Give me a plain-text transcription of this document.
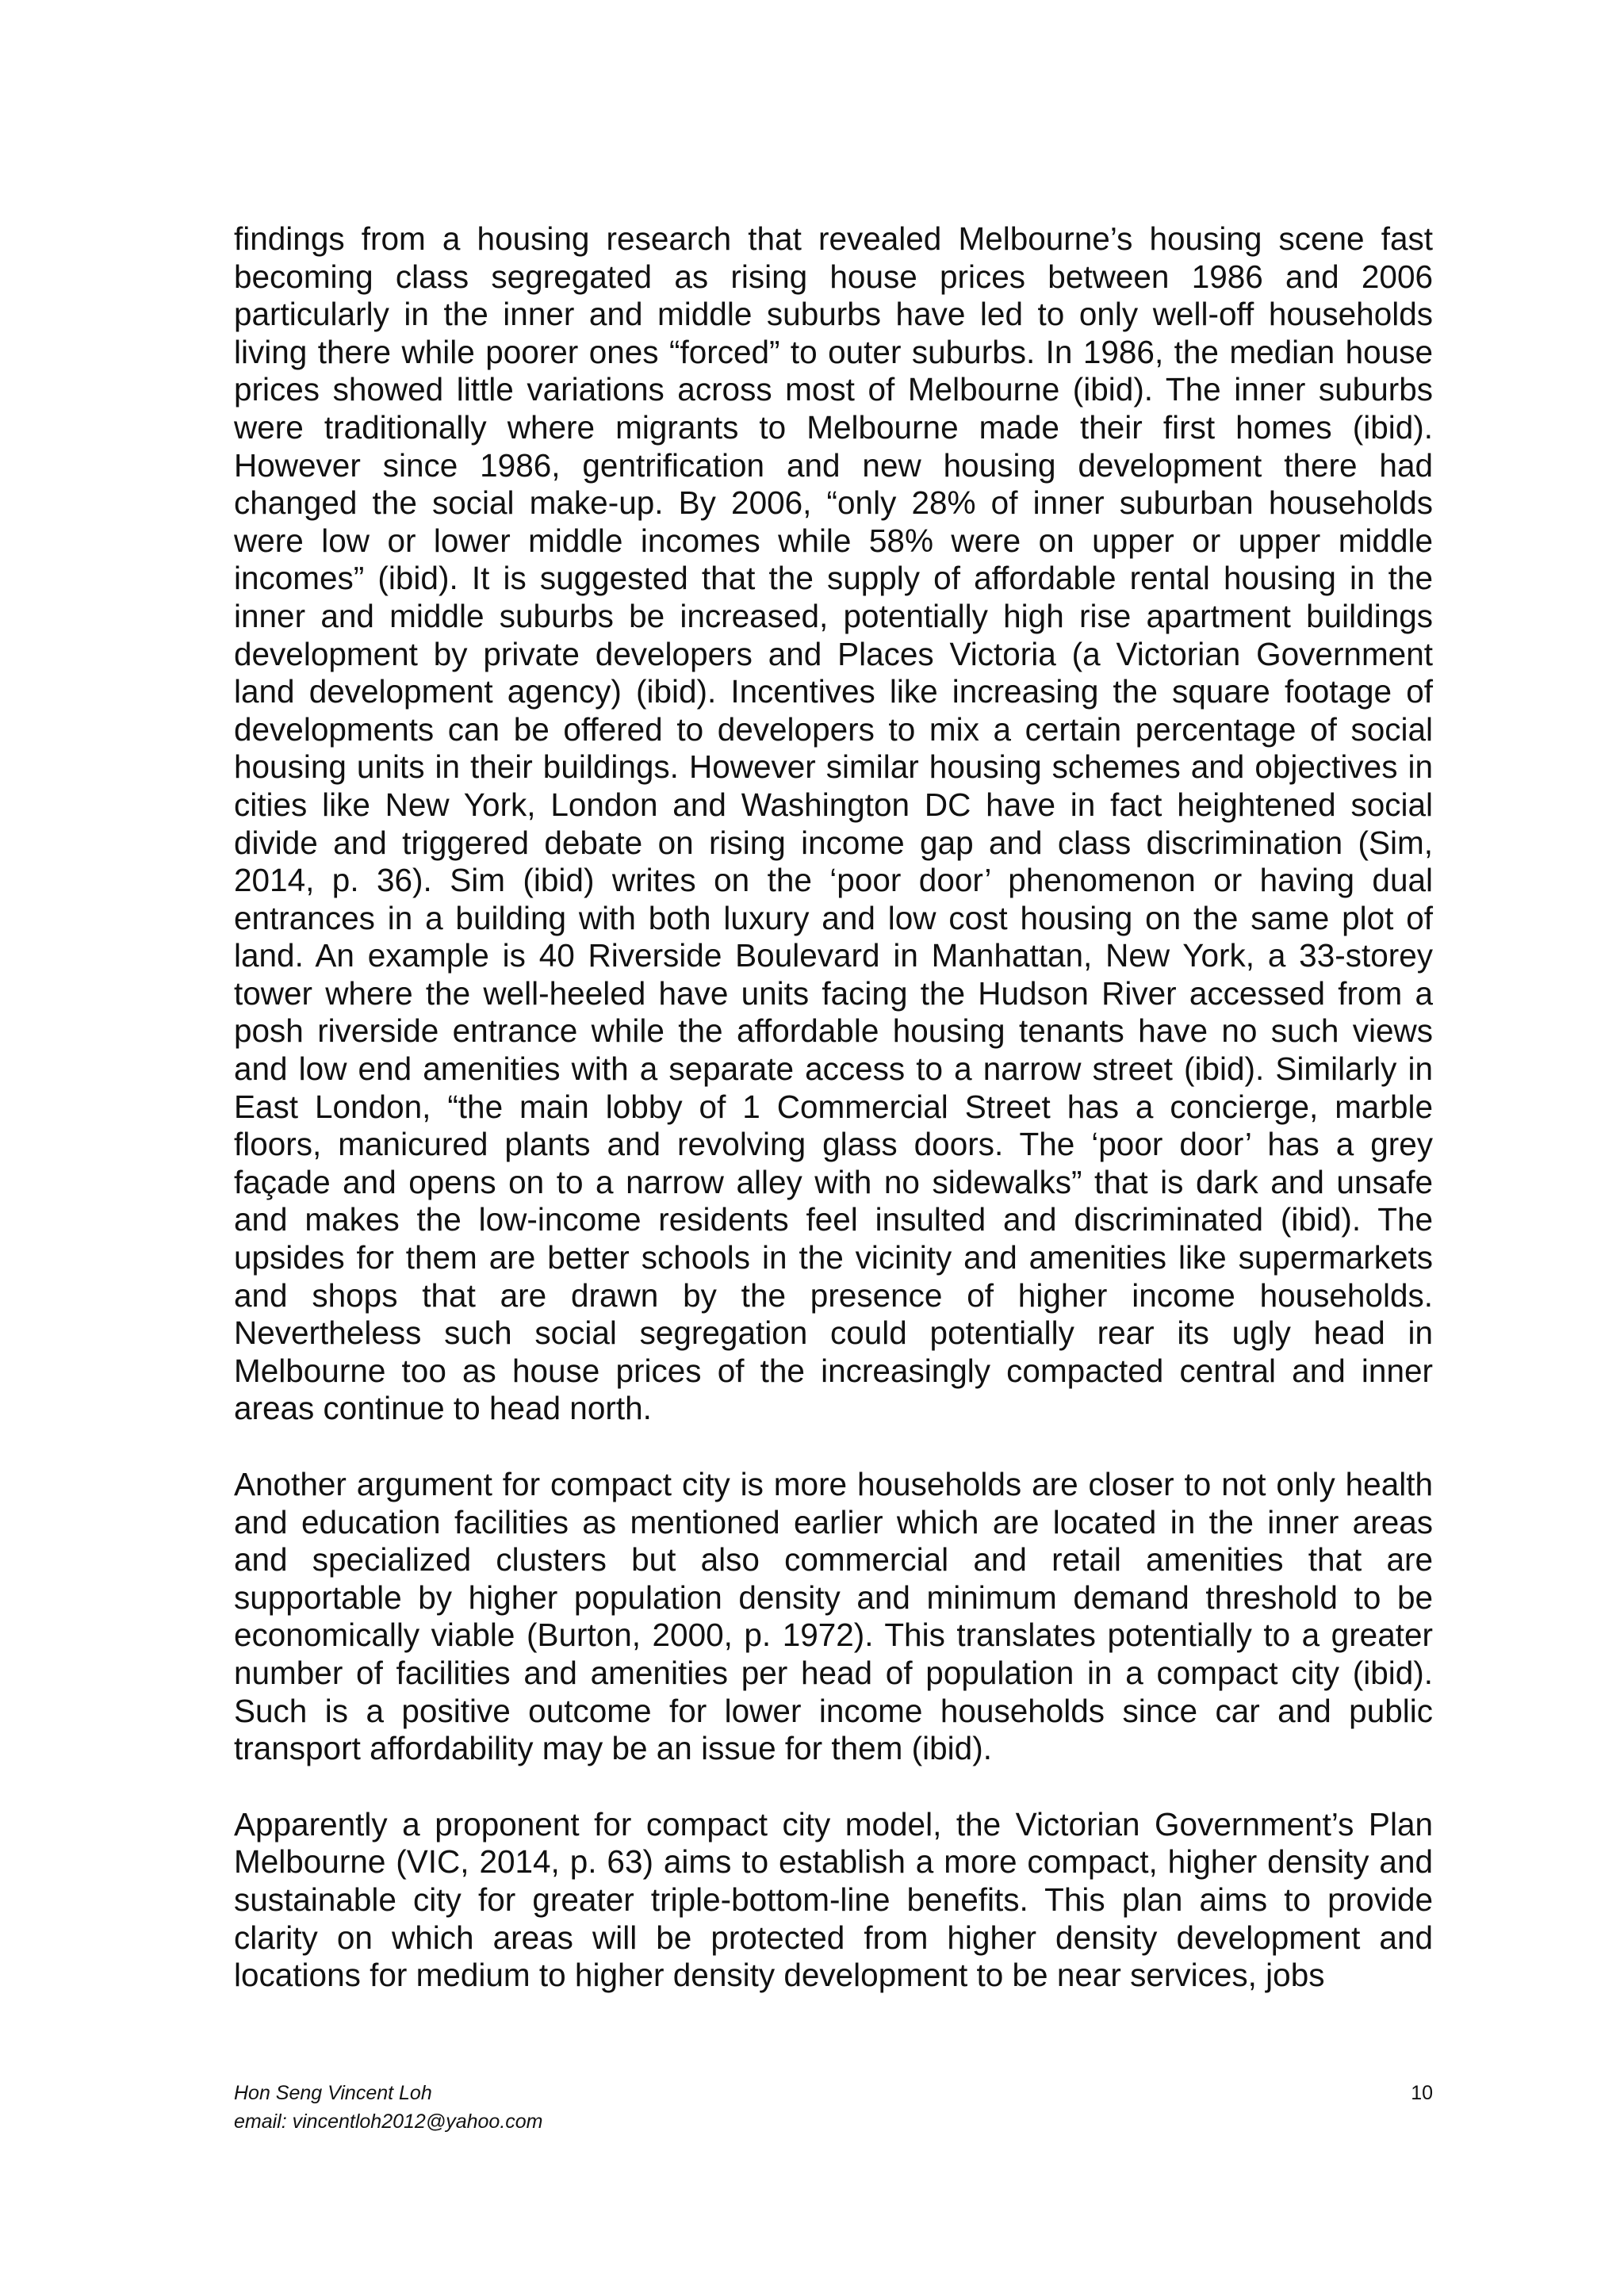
findings from a housing research that revealed Melbourne’s housing scene fast becoming class segregated as rising house prices between 1986 and 2006 particularly in the inner and middle suburbs have led to only well-off households living there while poorer ones “forced” to outer suburbs. In 1986, the median house prices showed little variations across most of Melbourne (ibid). The inner suburbs were traditionally where migrants to Melbourne made their first homes (ibid). However since 1986, gentrification and new housing development there had changed the social make-up. By 2006, “only 28% of inner suburban households were low or lower middle incomes while 58% were on upper or upper middle incomes” (ibid). It is suggested that the supply of affordable rental housing in the inner and middle suburbs be increased, potentially high rise apartment buildings development by private developers and Places Victoria (a Victorian Government land development agency) (ibid). Incentives like increasing the square footage of developments can be offered to developers to mix a certain percentage of social housing units in their buildings. However similar housing schemes and objectives in cities like New York, London and Washington DC have in fact heightened social divide and triggered debate on rising income gap and class discrimination (Sim, 2014, p. 36). Sim (ibid) writes on the ‘poor door’ phenomenon or having dual entrances in a building with both luxury and low cost housing on the same plot of land. An example is 40 Riverside Boulevard in Manhattan, New York, a 33-storey tower where the well-heeled have units facing the Hudson River accessed from a posh riverside entrance while the affordable housing tenants have no such views and low end amenities with a separate access to a narrow street (ibid). Similarly in East London, “the main lobby of 1 Commercial Street has a concierge, marble floors, manicured plants and revolving glass doors. The ‘poor door’ has a grey façade and opens on to a narrow alley with no sidewalks” that is dark and unsafe and makes the low-income residents feel insulted and discriminated (ibid). The upsides for them are better schools in the vicinity and amenities like supermarkets and shops that are drawn by the presence of higher income households. Nevertheless such social segregation could potentially rear its ugly head in Melbourne too as house prices of the increasingly compacted central and inner areas continue to head north.

Another argument for compact city is more households are closer to not only health and education facilities as mentioned earlier which are located in the inner areas and specialized clusters but also commercial and retail amenities that are supportable by higher population density and minimum demand threshold to be economically viable (Burton, 2000, p. 1972). This translates potentially to a greater number of facilities and amenities per head of population in a compact city (ibid). Such is a positive outcome for lower income households since car and public transport affordability may be an issue for them (ibid).

Apparently a proponent for compact city model, the Victorian Government’s Plan Melbourne (VIC, 2014, p. 63) aims to establish a more compact, higher density and sustainable city for greater triple-bottom-line benefits. This plan aims to provide clarity on which areas will be protected from higher density development and locations for medium to higher density development to be near services, jobs

Hon Seng Vincent Loh
email: vincentloh2012@yahoo.com
10
